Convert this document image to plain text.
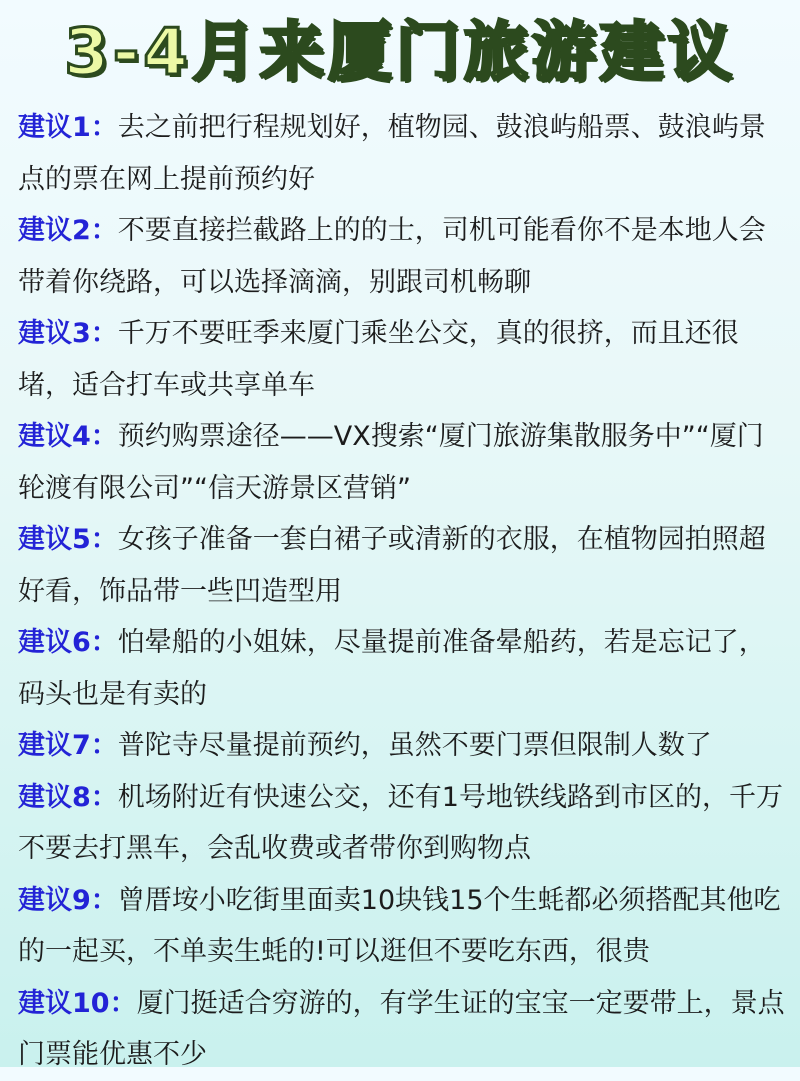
3-4月来厦门旅游建议

建议1：去之前把行程规划好，植物园、鼓浪屿船票、鼓浪屿景点的票在网上提前预约好

建议2：不要直接拦截路上的的士，司机可能看你不是本地人会带着你绕路，可以选择滴滴，别跟司机畅聊

建议3：千万不要旺季来厦门乘坐公交，真的很挤，而且还很堵，适合打车或共享单车

建议4：预约购票途径——VX搜索“厦门旅游集散服务中”“厦门轮渡有限公司”“信天游景区营销”

建议5：女孩子准备一套白裙子或清新的衣服，在植物园拍照超好看，饰品带一些凹造型用

建议6：怕晕船的小姐妹，尽量提前准备晕船药，若是忘记了，码头也是有卖的

建议7：普陀寺尽量提前预约，虽然不要门票但限制人数了

建议8：机场附近有快速公交，还有1号地铁线路到市区的，千万不要去打黑车，会乱收费或者带你到购物点

建议9：曾厝垵小吃街里面卖10块钱15个生蚝都必须搭配其他吃的一起买，不单卖生蚝的!可以逛但不要吃东西，很贵

建议10：厦门挺适合穷游的，有学生证的宝宝一定要带上，景点门票能优惠不少
